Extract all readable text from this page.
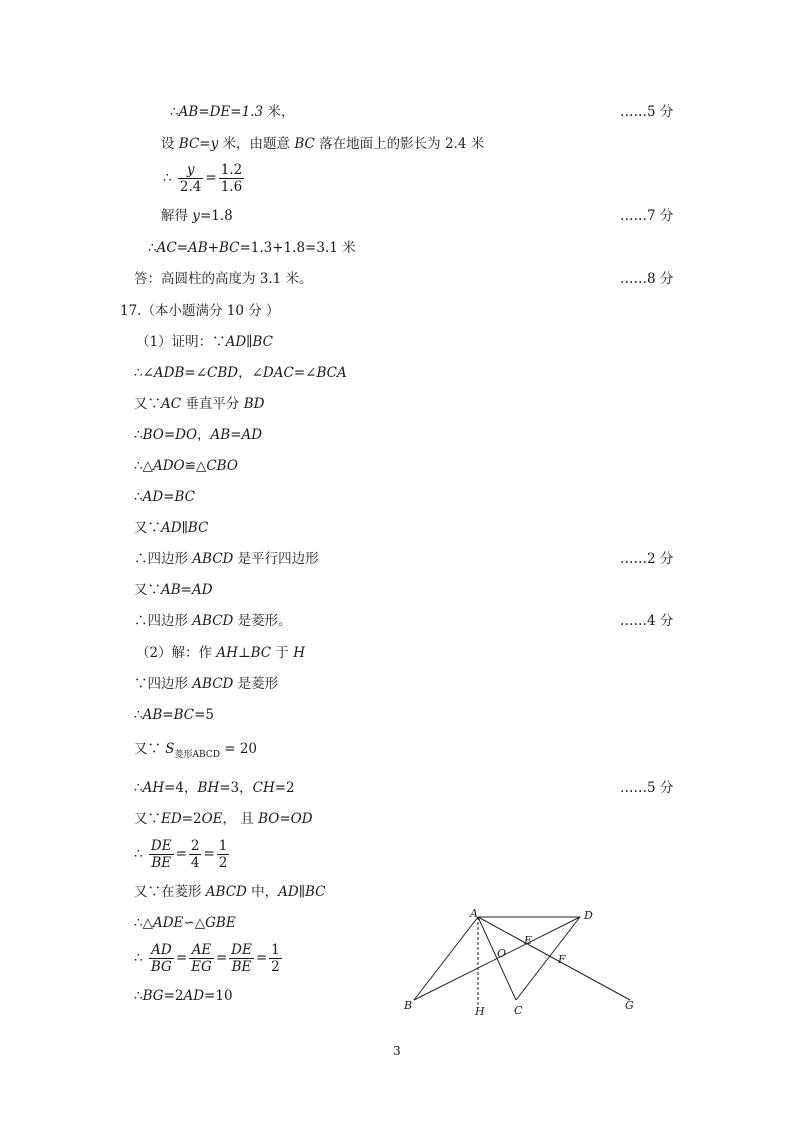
∴AB=DE=1.3 米，	……5 分
设 BC=y 米，由题意 BC 落在地面上的影长为 2.4 米
∴ $\frac{y}{2.4} = \frac{1.2}{1.6}$
解得 y=1.8	……7 分
∴AC=AB+BC=1.3+1.8=3.1 米
答：高圆柱的高度为 3.1 米。	……8 分
17.（本小题满分 10 分 ）
（1）证明：∵AD∥BC
∴∠ADB=∠CBD，∠DAC=∠BCA
又∵AC 垂直平分 BD
∴BO=DO，AB=AD
∴△ADO≌△CBO
∴AD=BC
又∵AD∥BC
∴四边形 ABCD 是平行四边形	……2 分
又∵AB=AD
∴四边形 ABCD 是菱形。	……4 分
（2）解：作 AH⊥BC 于 H
∵四边形 ABCD 是菱形
∴AB=BC=5
又∵ $S_{菱形ABCD} = 20$
∴AH=4，BH=3，CH=2	……5 分
又∵ED=2OE， 且 BO=OD
∴ $\frac{DE}{BE} = \frac{2}{4} = \frac{1}{2}$
又∵在菱形 ABCD 中，AD∥BC
∴△ADE∽△GBE
∴ $\frac{AD}{BG} = \frac{AE}{EG} = \frac{DE}{BE} = \frac{1}{2}$
∴BG=2AD=10
A	D
B	C	G
H
O
E
F
3
